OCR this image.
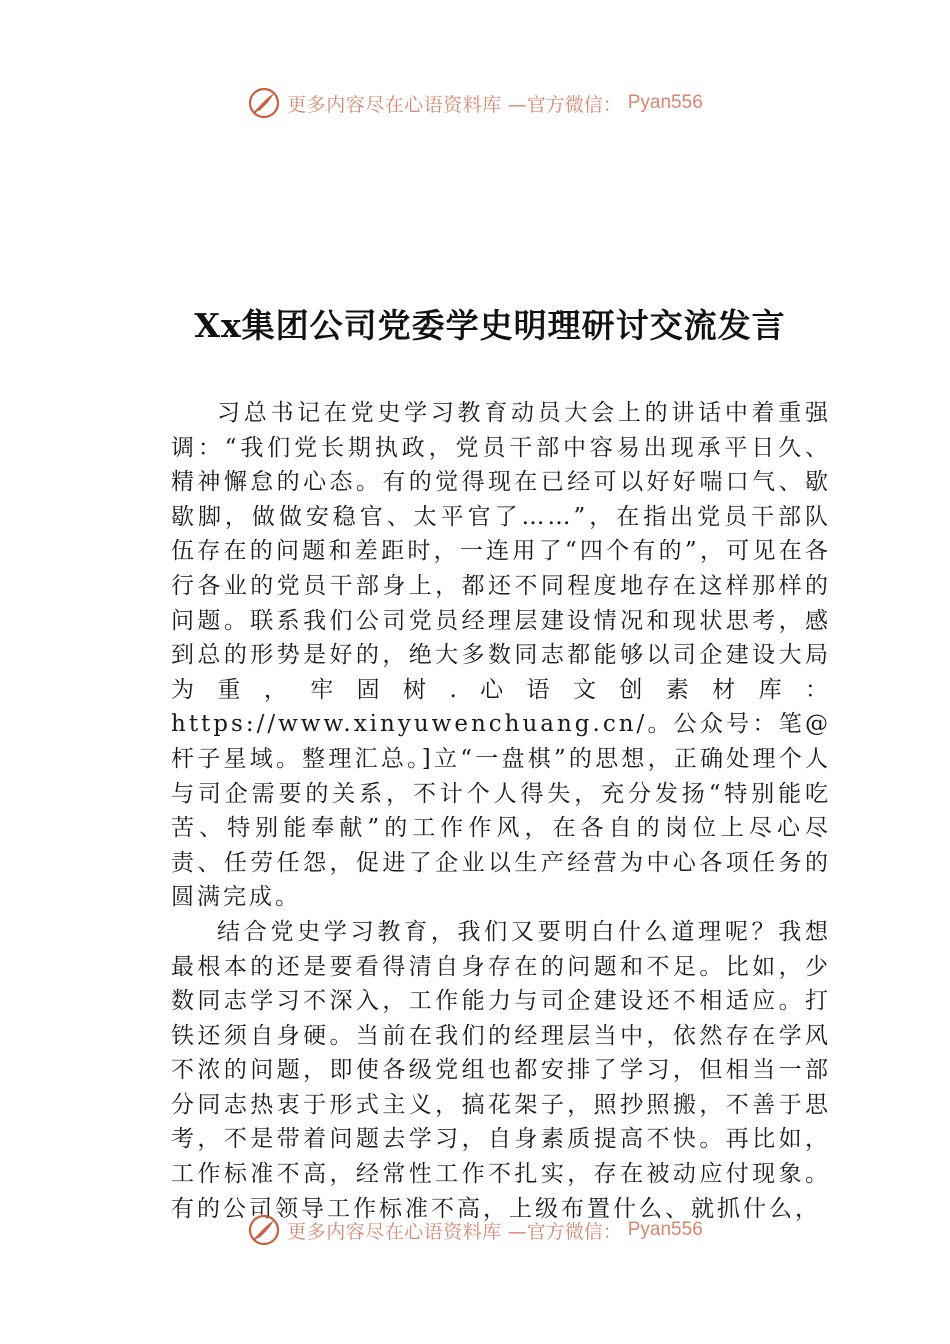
更多内容尽在心语资料库 —官方微信： Pyan556
Xx集团公司党委学史明理研讨交流发言

习总书记在党史学习教育动员大会上的讲话中着重强调：“我们党长期执政，党员干部中容易出现承平日久、精神懈怠的心态。有的觉得现在已经可以好好喘口气、歇歇脚，做做安稳官、太平官了……”，在指出党员干部队伍存在的问题和差距时，一连用了“四个有的”，可见在各行各业的党员干部身上，都还不同程度地存在这样那样的问题。联系我们公司党员经理层建设情况和现状思考，感到总的形势是好的，绝大多数同志都能够以司企建设大局为重，牢固树.心语文创素材库：https://www.xinyuwenchuang.cn/。公众号：笔@杆子星域。整理汇总。]立“一盘棋”的思想，正确处理个人与司企需要的关系，不计个人得失，充分发扬“特别能吃苦、特别能奉献”的工作作风，在各自的岗位上尽心尽责、任劳任怨，促进了企业以生产经营为中心各项任务的圆满完成。

结合党史学习教育，我们又要明白什么道理呢？我想最根本的还是要看得清自身存在的问题和不足。比如，少数同志学习不深入，工作能力与司企建设还不相适应。打铁还须自身硬。当前在我们的经理层当中，依然存在学风不浓的问题，即使各级党组也都安排了学习，但相当一部分同志热衷于形式主义，搞花架子，照抄照搬，不善于思考，不是带着问题去学习，自身素质提高不快。再比如，工作标准不高，经常性工作不扎实，存在被动应付现象。有的公司领导工作标准不高，上级布置什么、就抓什么，

更多内容尽在心语资料库 —官方微信： Pyan556
